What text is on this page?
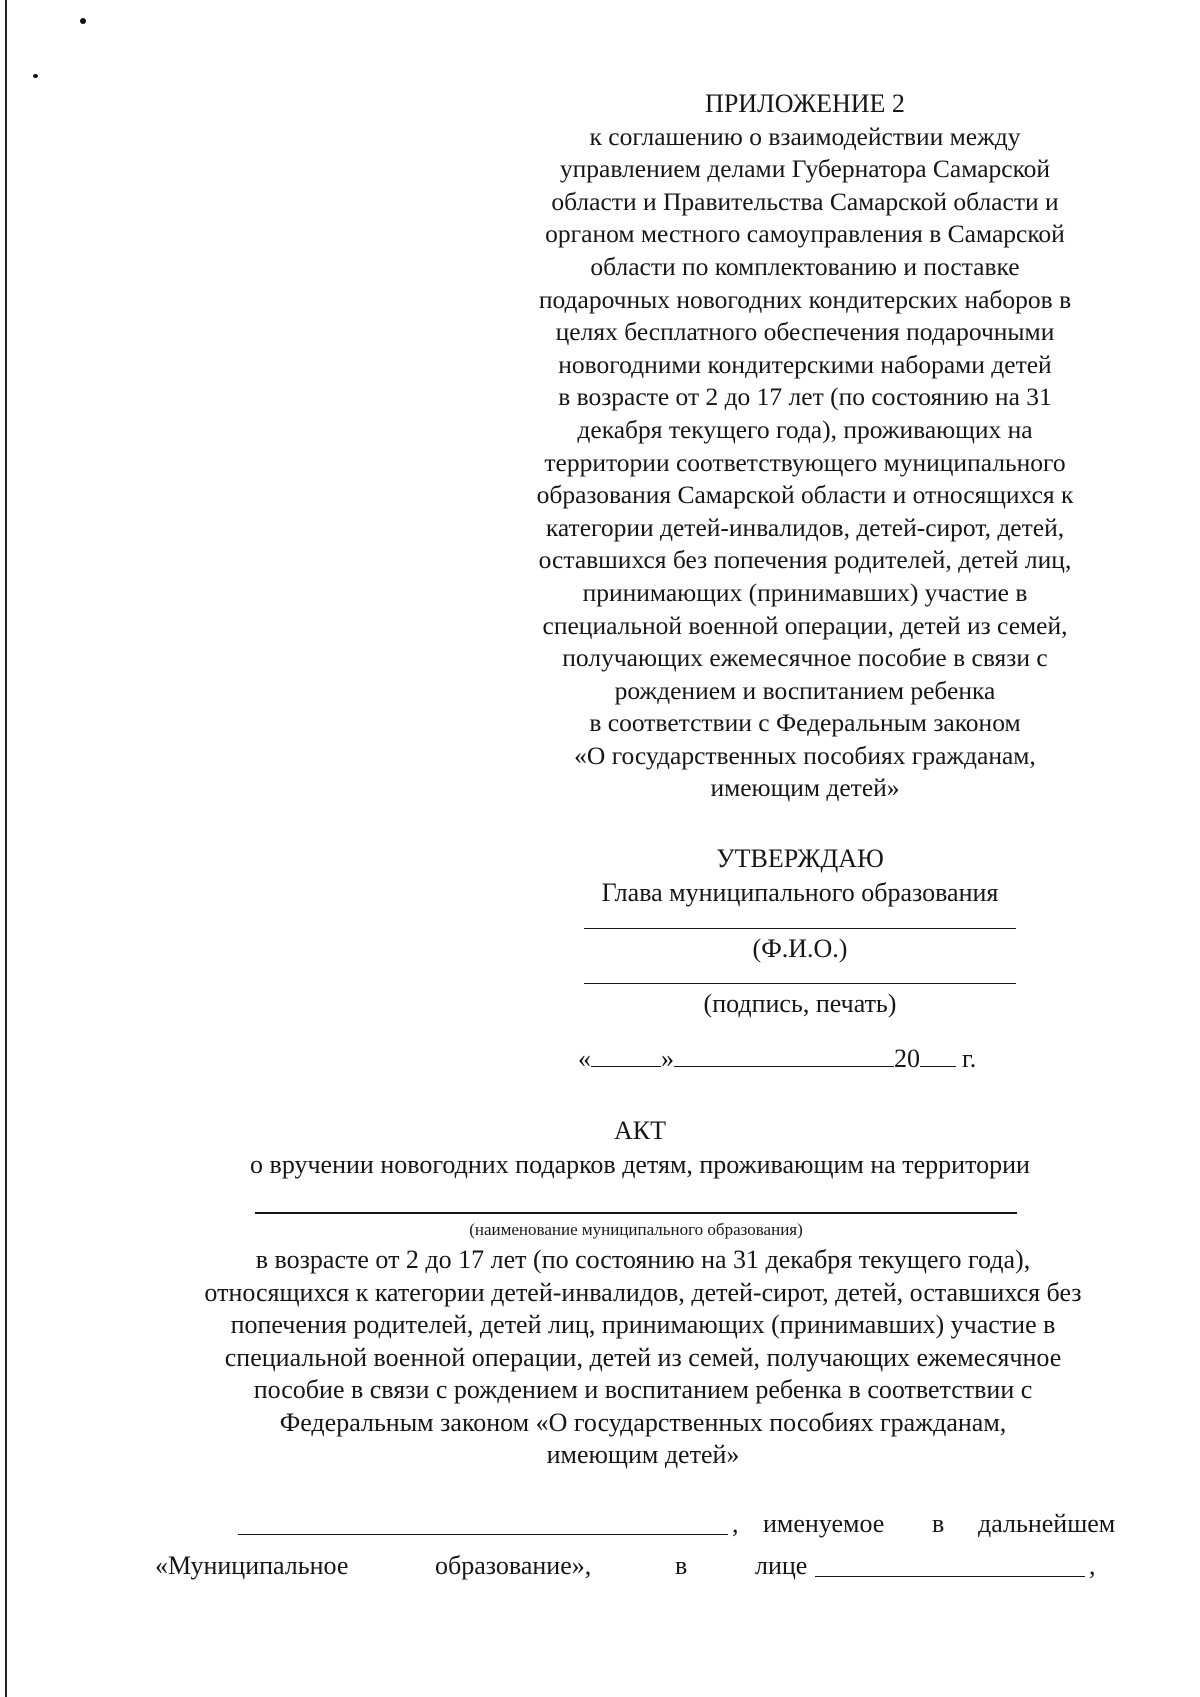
ПРИЛОЖЕНИЕ 2
к соглашению о взаимодействии между
управлением делами Губернатора Самарской
области и Правительства Самарской области и
органом местного самоуправления в Самарской
области по комплектованию и поставке
подарочных новогодних кондитерских наборов в
целях бесплатного обеспечения подарочными
новогодними кондитерскими наборами детей
в возрасте от 2 до 17 лет (по состоянию на 31
декабря текущего года), проживающих на
территории соответствующего муниципального
образования Самарской области и относящихся к
категории детей-инвалидов, детей-сирот, детей,
оставшихся без попечения родителей, детей лиц,
принимающих (принимавших) участие в
специальной военной операции, детей из семей,
получающих ежемесячное пособие в связи с
рождением и воспитанием ребенка
в соответствии с Федеральным законом
«О государственных пособиях гражданам,
имеющим детей»
УТВЕРЖДАЮ
Глава муниципального образования
(Ф.И.О.)
(подпись, печать)
«	»	20 г.
АКТ
о вручении новогодних подарков детям, проживающим на территории
(наименование муниципального образования)
в возрасте от 2 до 17 лет (по состоянию на 31 декабря текущего года),
относящихся к категории детей-инвалидов, детей-сирот, детей, оставшихся без
попечения родителей, детей лиц, принимающих (принимавших) участие в
специальной военной операции, детей из семей, получающих ежемесячное
пособие в связи с рождением и воспитанием ребенка в соответствии с
Федеральным законом «О государственных пособиях гражданам,
имеющим детей»
, именуемое в дальнейшем
«Муниципальное	образование»,	в	лице	,
